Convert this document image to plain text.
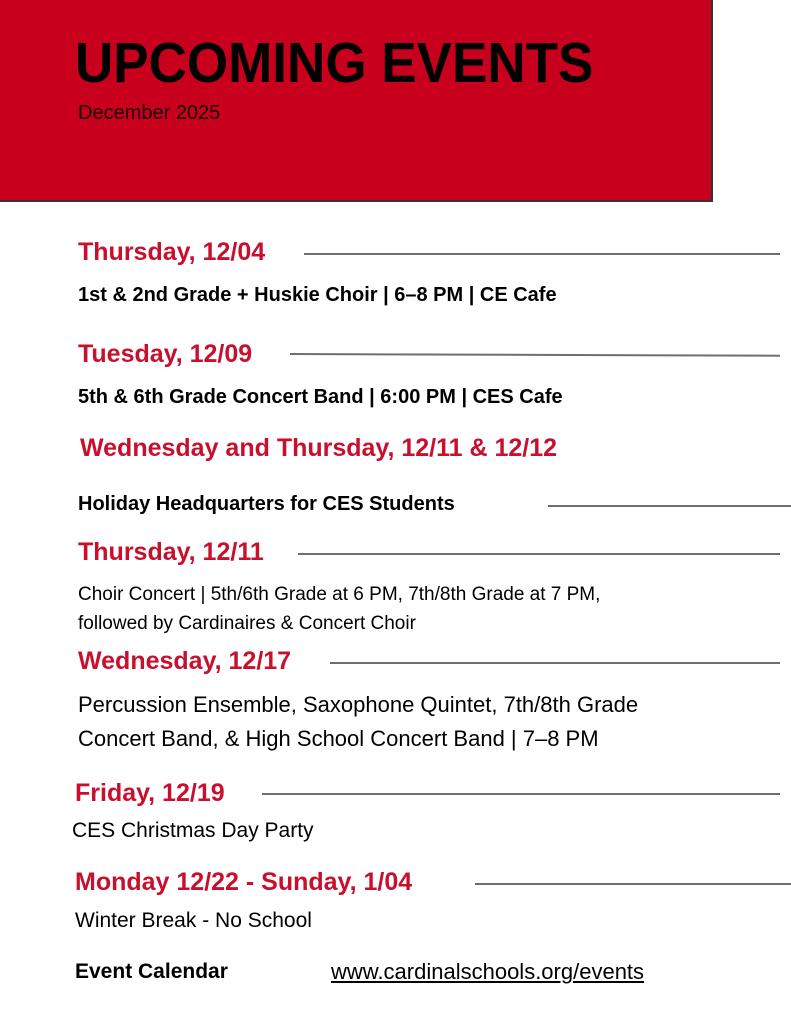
UPCOMING EVENTS
December 2025
Thursday, 12/04
1st & 2nd Grade + Huskie Choir | 6–8 PM | CE Cafe
Tuesday, 12/09
5th & 6th Grade Concert Band | 6:00 PM | CES Cafe
Wednesday and Thursday, 12/11 & 12/12
Holiday Headquarters for CES Students
Thursday, 12/11
Choir Concert | 5th/6th Grade at 6 PM, 7th/8th Grade at 7 PM,
followed by Cardinaires & Concert Choir
Wednesday, 12/17
Percussion Ensemble, Saxophone Quintet, 7th/8th Grade
Concert Band, & High School Concert Band | 7–8 PM
Friday, 12/19
CES Christmas Day Party
Monday 12/22 - Sunday, 1/04
Winter Break - No School
Event Calendar	www.cardinalschools.org/events
